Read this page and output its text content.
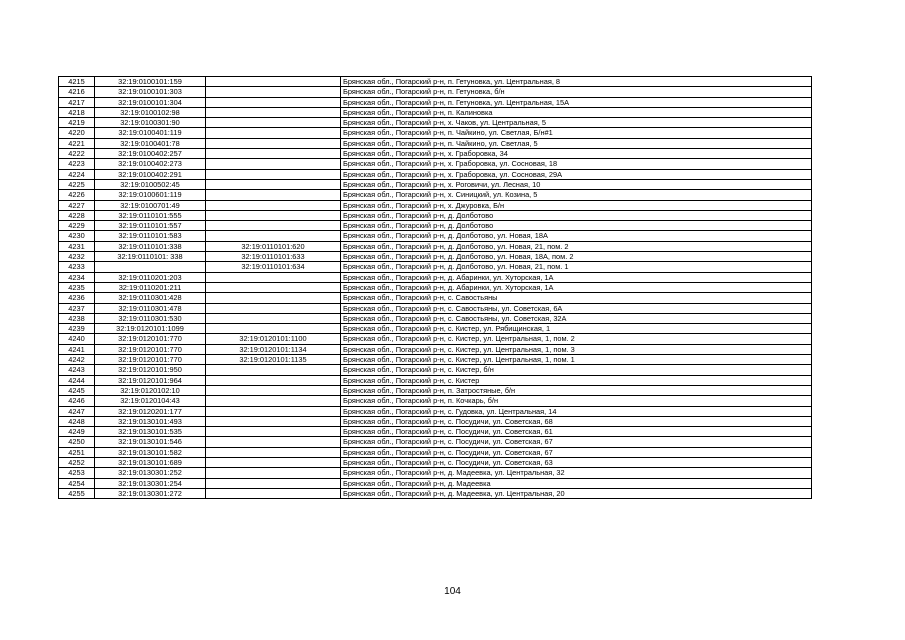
4215	32:19:0100101:159		Брянская обл., Погарский р-н, п. Гетуновка, ул. Центральная, 8
4216	32:19:0100101:303		Брянская обл., Погарский р-н, п. Гетуновка, б/н
4217	32:19:0100101:304		Брянская обл., Погарский р-н, п. Гетуновка, ул. Центральная, 15А
4218	32:19:0100102:98		Брянская обл., Погарский р-н, п. Калиновка
4219	32:19:0100301:90		Брянская обл., Погарский р-н, х. Чаков, ул. Центральная, 5
4220	32:19:0100401:119		Брянская обл., Погарский р-н, п. Чайкино, ул. Светлая, Б/н#1
4221	32:19:0100401:78		Брянская обл., Погарский р-н, п. Чайкино, ул. Светлая, 5
4222	32:19:0100402:257		Брянская обл., Погарский р-н, х. Граборовка, 34
4223	32:19:0100402:273		Брянская обл., Погарский р-н, х. Граборовка, ул. Сосновая, 18
4224	32:19:0100402:291		Брянская обл., Погарский р-н, х. Граборовка, ул. Сосновая, 29А
4225	32:19:0100502:45		Брянская обл., Погарский р-н, х. Роговичи, ул. Лесная, 10
4226	32:19:0100601:119		Брянская обл., Погарский р-н, х. Синицкий, ул. Козина, 5
4227	32:19:0100701:49		Брянская обл., Погарский р-н, х. Джуровка, Б/н
4228	32:19:0110101:555		Брянская обл., Погарский р-н, д. Долботово
4229	32:19:0110101:557		Брянская обл., Погарский р-н, д. Долботово
4230	32:19:0110101:583		Брянская обл., Погарский р-н, д. Долботово, ул. Новая, 18А
4231	32:19:0110101:338	32:19:0110101:620	Брянская обл., Погарский р-н, д. Долботово, ул. Новая, 21, пом. 2
4232	32:19:0110101: 338	32:19:0110101:633	Брянская обл., Погарский р-н, д. Долботово, ул. Новая, 18А, пом. 2
4233		32:19:0110101:634	Брянская обл., Погарский р-н, д. Долботово, ул. Новая, 21, пом. 1
4234	32:19:0110201:203		Брянская обл., Погарский р-н, д. Абаринки, ул. Хуторская, 1А
4235	32:19:0110201:211		Брянская обл., Погарский р-н, д. Абаринки, ул. Хуторская, 1А
4236	32:19:0110301:428		Брянская обл., Погарский р-н, с. Савостьяны
4237	32:19:0110301:478		Брянская обл., Погарский р-н, с. Савостьяны, ул. Советская, 6А
4238	32:19:0110301:530		Брянская обл., Погарский р-н, с. Савостьяны, ул. Советская, 32А
4239	32:19:0120101:1099		Брянская обл., Погарский р-н, с. Кистер, ул. Рябищинская, 1
4240	32:19:0120101:770	32:19:0120101:1100	Брянская обл., Погарский р-н, с. Кистер, ул. Центральная, 1, пом. 2
4241	32:19:0120101:770	32:19:0120101:1134	Брянская обл., Погарский р-н, с. Кистер, ул. Центральная, 1, пом. 3
4242	32:19:0120101:770	32:19:0120101:1135	Брянская обл., Погарский р-н, с. Кистер, ул. Центральная, 1, пом. 1
4243	32:19:0120101:950		Брянская обл., Погарский р-н, с. Кистер, б/н
4244	32:19:0120101:964		Брянская обл., Погарский р-н, с. Кистер
4245	32:19:0120102:10		Брянская обл., Погарский р-н, п. Затростяные, б/н
4246	32:19:0120104:43		Брянская обл., Погарский р-н, п. Кочкарь, б/н
4247	32:19:0120201:177		Брянская обл., Погарский р-н, с. Гудовка, ул. Центральная, 14
4248	32:19:0130101:493		Брянская обл., Погарский р-н, с. Посудичи, ул. Советская, 68
4249	32:19:0130101:535		Брянская обл., Погарский р-н, с. Посудичи, ул. Советская, 61
4250	32:19:0130101:546		Брянская обл., Погарский р-н, с. Посудичи, ул. Советская, 67
4251	32:19:0130101:582		Брянская обл., Погарский р-н, с. Посудичи, ул. Советская, 67
4252	32:19:0130101:689		Брянская обл., Погарский р-н, с. Посудичи, ул. Советская, 63
4253	32:19:0130301:252		Брянская обл., Погарский р-н, д. Мадеевка, ул. Центральная, 32
4254	32:19:0130301:254		Брянская обл., Погарский р-н, д. Мадеевка
4255	32:19:0130301:272		Брянская обл., Погарский р-н, д. Мадеевка, ул. Центральная, 20
104
